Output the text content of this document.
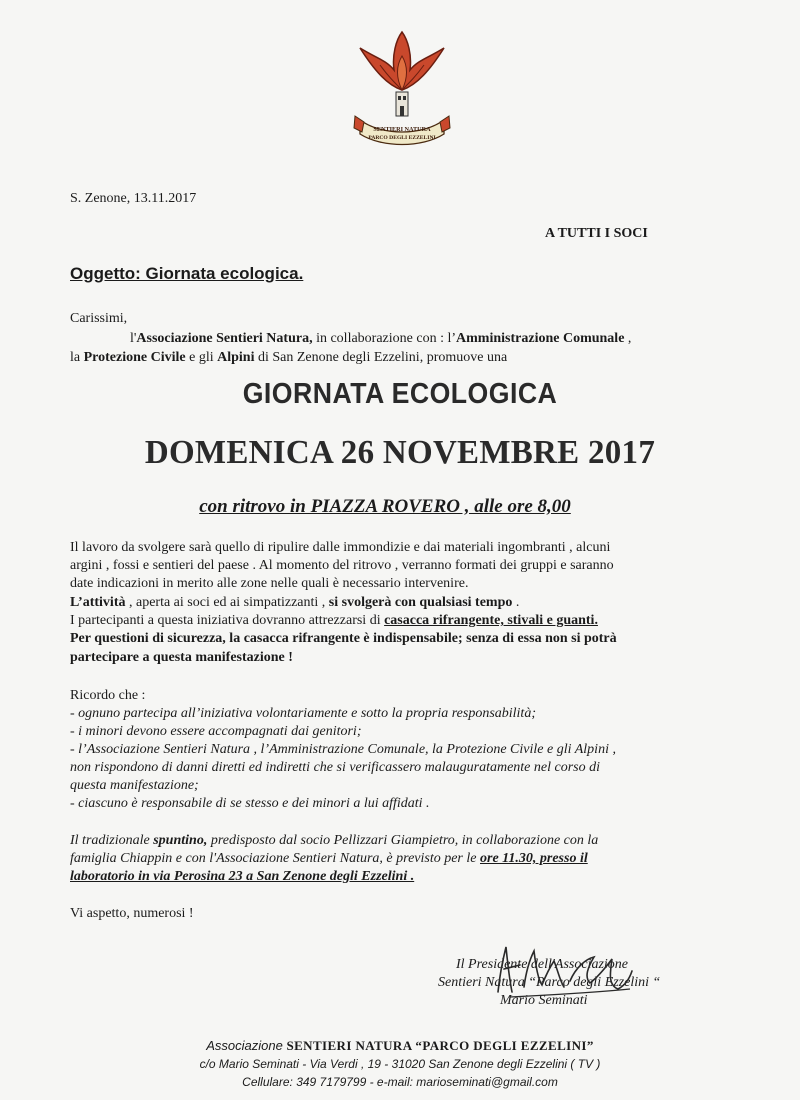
SENTIERI NATURA
PARCO DEGLI EZZELINI
S. Zenone, 13.11.2017
A TUTTI I SOCI
Oggetto: Giornata ecologica.
Carissimi,
l'Associazione Sentieri Natura, in collaborazione con : l’Amministrazione Comunale ,
la Protezione Civile e gli Alpini di San Zenone degli Ezzelini, promuove una
GIORNATA ECOLOGICA
DOMENICA 26 NOVEMBRE 2017
con ritrovo in PIAZZA ROVERO , alle ore 8,00
Il lavoro da svolgere sarà quello di ripulire dalle immondizie e dai materiali ingombranti , alcuni
argini , fossi e sentieri del paese . Al momento del ritrovo , verranno formati dei gruppi e saranno
date indicazioni in merito alle zone nelle quali è necessario intervenire.
L’attività , aperta ai soci ed ai simpatizzanti , si svolgerà con qualsiasi tempo .
I partecipanti a questa iniziativa dovranno attrezzarsi di casacca rifrangente, stivali e guanti.
Per questioni di sicurezza, la casacca rifrangente è indispensabile; senza di essa non si potrà
partecipare a questa manifestazione !
Ricordo che :
- ognuno partecipa all’iniziativa volontariamente e sotto la propria responsabilità;
- i minori devono essere accompagnati dai genitori;
- l’Associazione Sentieri Natura , l’Amministrazione Comunale, la Protezione Civile e gli Alpini ,
non rispondono di danni diretti ed indiretti che si verificassero malauguratamente nel corso di
questa manifestazione;
- ciascuno è responsabile di se stesso e dei minori a lui affidati .
Il tradizionale spuntino, predisposto dal socio Pellizzari Giampietro, in collaborazione con la
famiglia Chiappin e con l'Associazione Sentieri Natura, è previsto per le ore 11.30, presso il
laboratorio in via Perosina 23 a San Zenone degli Ezzelini .
Vi aspetto, numerosi !
Il Presidente dell'Associazione
Sentieri Natura “Parco degli Ezzelini “
Mario Seminati
Associazione SENTIERI NATURA “PARCO DEGLI EZZELINI”
c/o Mario Seminati - Via Verdi , 19 - 31020 San Zenone degli Ezzelini ( TV )
Cellulare: 349 7179799 - e-mail: marioseminati@gmail.com
